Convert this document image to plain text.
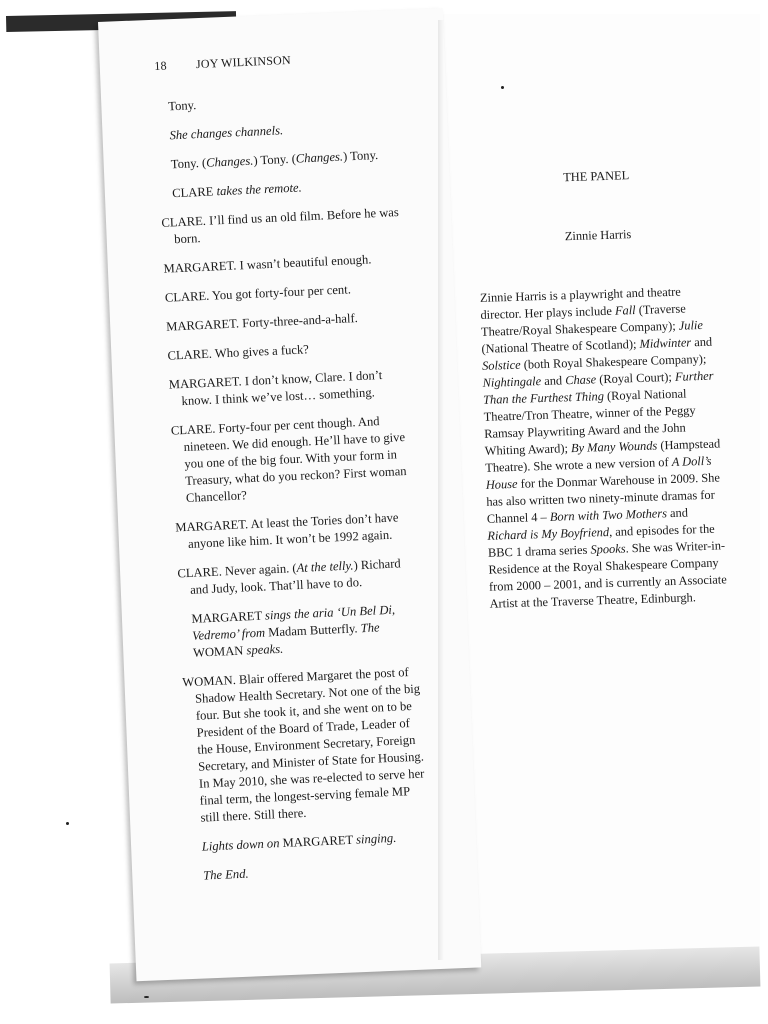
18 JOY WILKINSON
Tony.
She changes channels.
Tony. (Changes.) Tony. (Changes.) Tony.
CLARE takes the remote.
CLARE. I’ll find us an old film. Before he was born.
MARGARET. I wasn’t beautiful enough.
CLARE. You got forty-four per cent.
MARGARET. Forty-three-and-a-half.
CLARE. Who gives a fuck?
MARGARET. I don’t know, Clare. I don’t know. I think we’ve lost… something.
CLARE. Forty-four per cent though. And nineteen. We did enough. He’ll have to give you one of the big four. With your form in Treasury, what do you reckon? First woman Chancellor?
MARGARET. At least the Tories don’t have anyone like him. It won’t be 1992 again.
CLARE. Never again. (At the telly.) Richard and Judy, look. That’ll have to do.
MARGARET sings the aria ‘Un Bel Di, Vedremo’ from Madam Butterfly. The WOMAN speaks.
WOMAN. Blair offered Margaret the post of Shadow Health Secretary. Not one of the big four. But she took it, and she went on to be President of the Board of Trade, Leader of the House, Environment Secretary, Foreign Secretary, and Minister of State for Housing. In May 2010, she was re-elected to serve her final term, the longest-serving female MP still there. Still there.
Lights down on MARGARET singing.
The End.
THE PANEL
Zinnie Harris
Zinnie Harris is a playwright and theatre director. Her plays include Fall (Traverse Theatre/Royal Shakespeare Company); Julie (National Theatre of Scotland); Midwinter and Solstice (both Royal Shakespeare Company); Nightingale and Chase (Royal Court); Further Than the Furthest Thing (Royal National Theatre/Tron Theatre, winner of the Peggy Ramsay Playwriting Award and the John Whiting Award); By Many Wounds (Hampstead Theatre). She wrote a new version of A Doll’s House for the Donmar Warehouse in 2009. She has also written two ninety-minute dramas for Channel 4 – Born with Two Mothers and Richard is My Boyfriend, and episodes for the BBC 1 drama series Spooks. She was Writer-in-Residence at the Royal Shakespeare Company from 2000 – 2001, and is currently an Associate Artist at the Traverse Theatre, Edinburgh.
